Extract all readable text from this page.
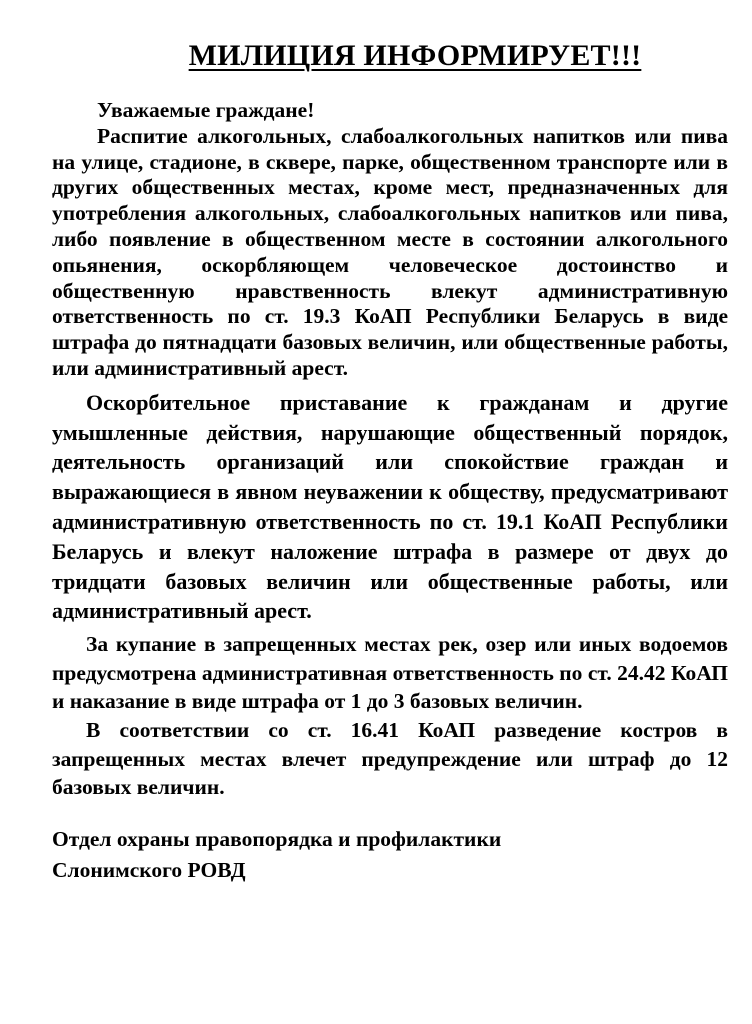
МИЛИЦИЯ ИНФОРМИРУЕТ!!!

Уважаемые граждане!

Распитие алкогольных, слабоалкогольных напитков или пива на улице, стадионе, в сквере, парке, общественном транспорте или в других общественных местах, кроме мест, предназначенных для употребления алкогольных, слабоалкогольных напитков или пива, либо появление в общественном месте в состоянии алкогольного опьянения, оскорбляющем человеческое достоинство и общественную нравственность влекут административную ответственность по ст. 19.3 КоАП Республики Беларусь в виде штрафа до пятнадцати базовых величин, или общественные работы, или административный арест.

Оскорбительное приставание к гражданам и другие умышленные действия, нарушающие общественный порядок, деятельность организаций или спокойствие граждан и выражающиеся в явном неуважении к обществу, предусматривают административную ответственность по ст. 19.1 КоАП Республики Беларусь и влекут наложение штрафа в размере от двух до тридцати базовых величин или общественные работы, или административный арест.

За купание в запрещенных местах рек, озер или иных водоемов предусмотрена административная ответственность по ст. 24.42 КоАП и наказание в виде штрафа от 1 до 3 базовых величин.

В соответствии со ст. 16.41 КоАП разведение костров в запрещенных местах влечет предупреждение или штраф до 12 базовых величин.

Отдел охраны правопорядка и профилактики
Слонимского РОВД
